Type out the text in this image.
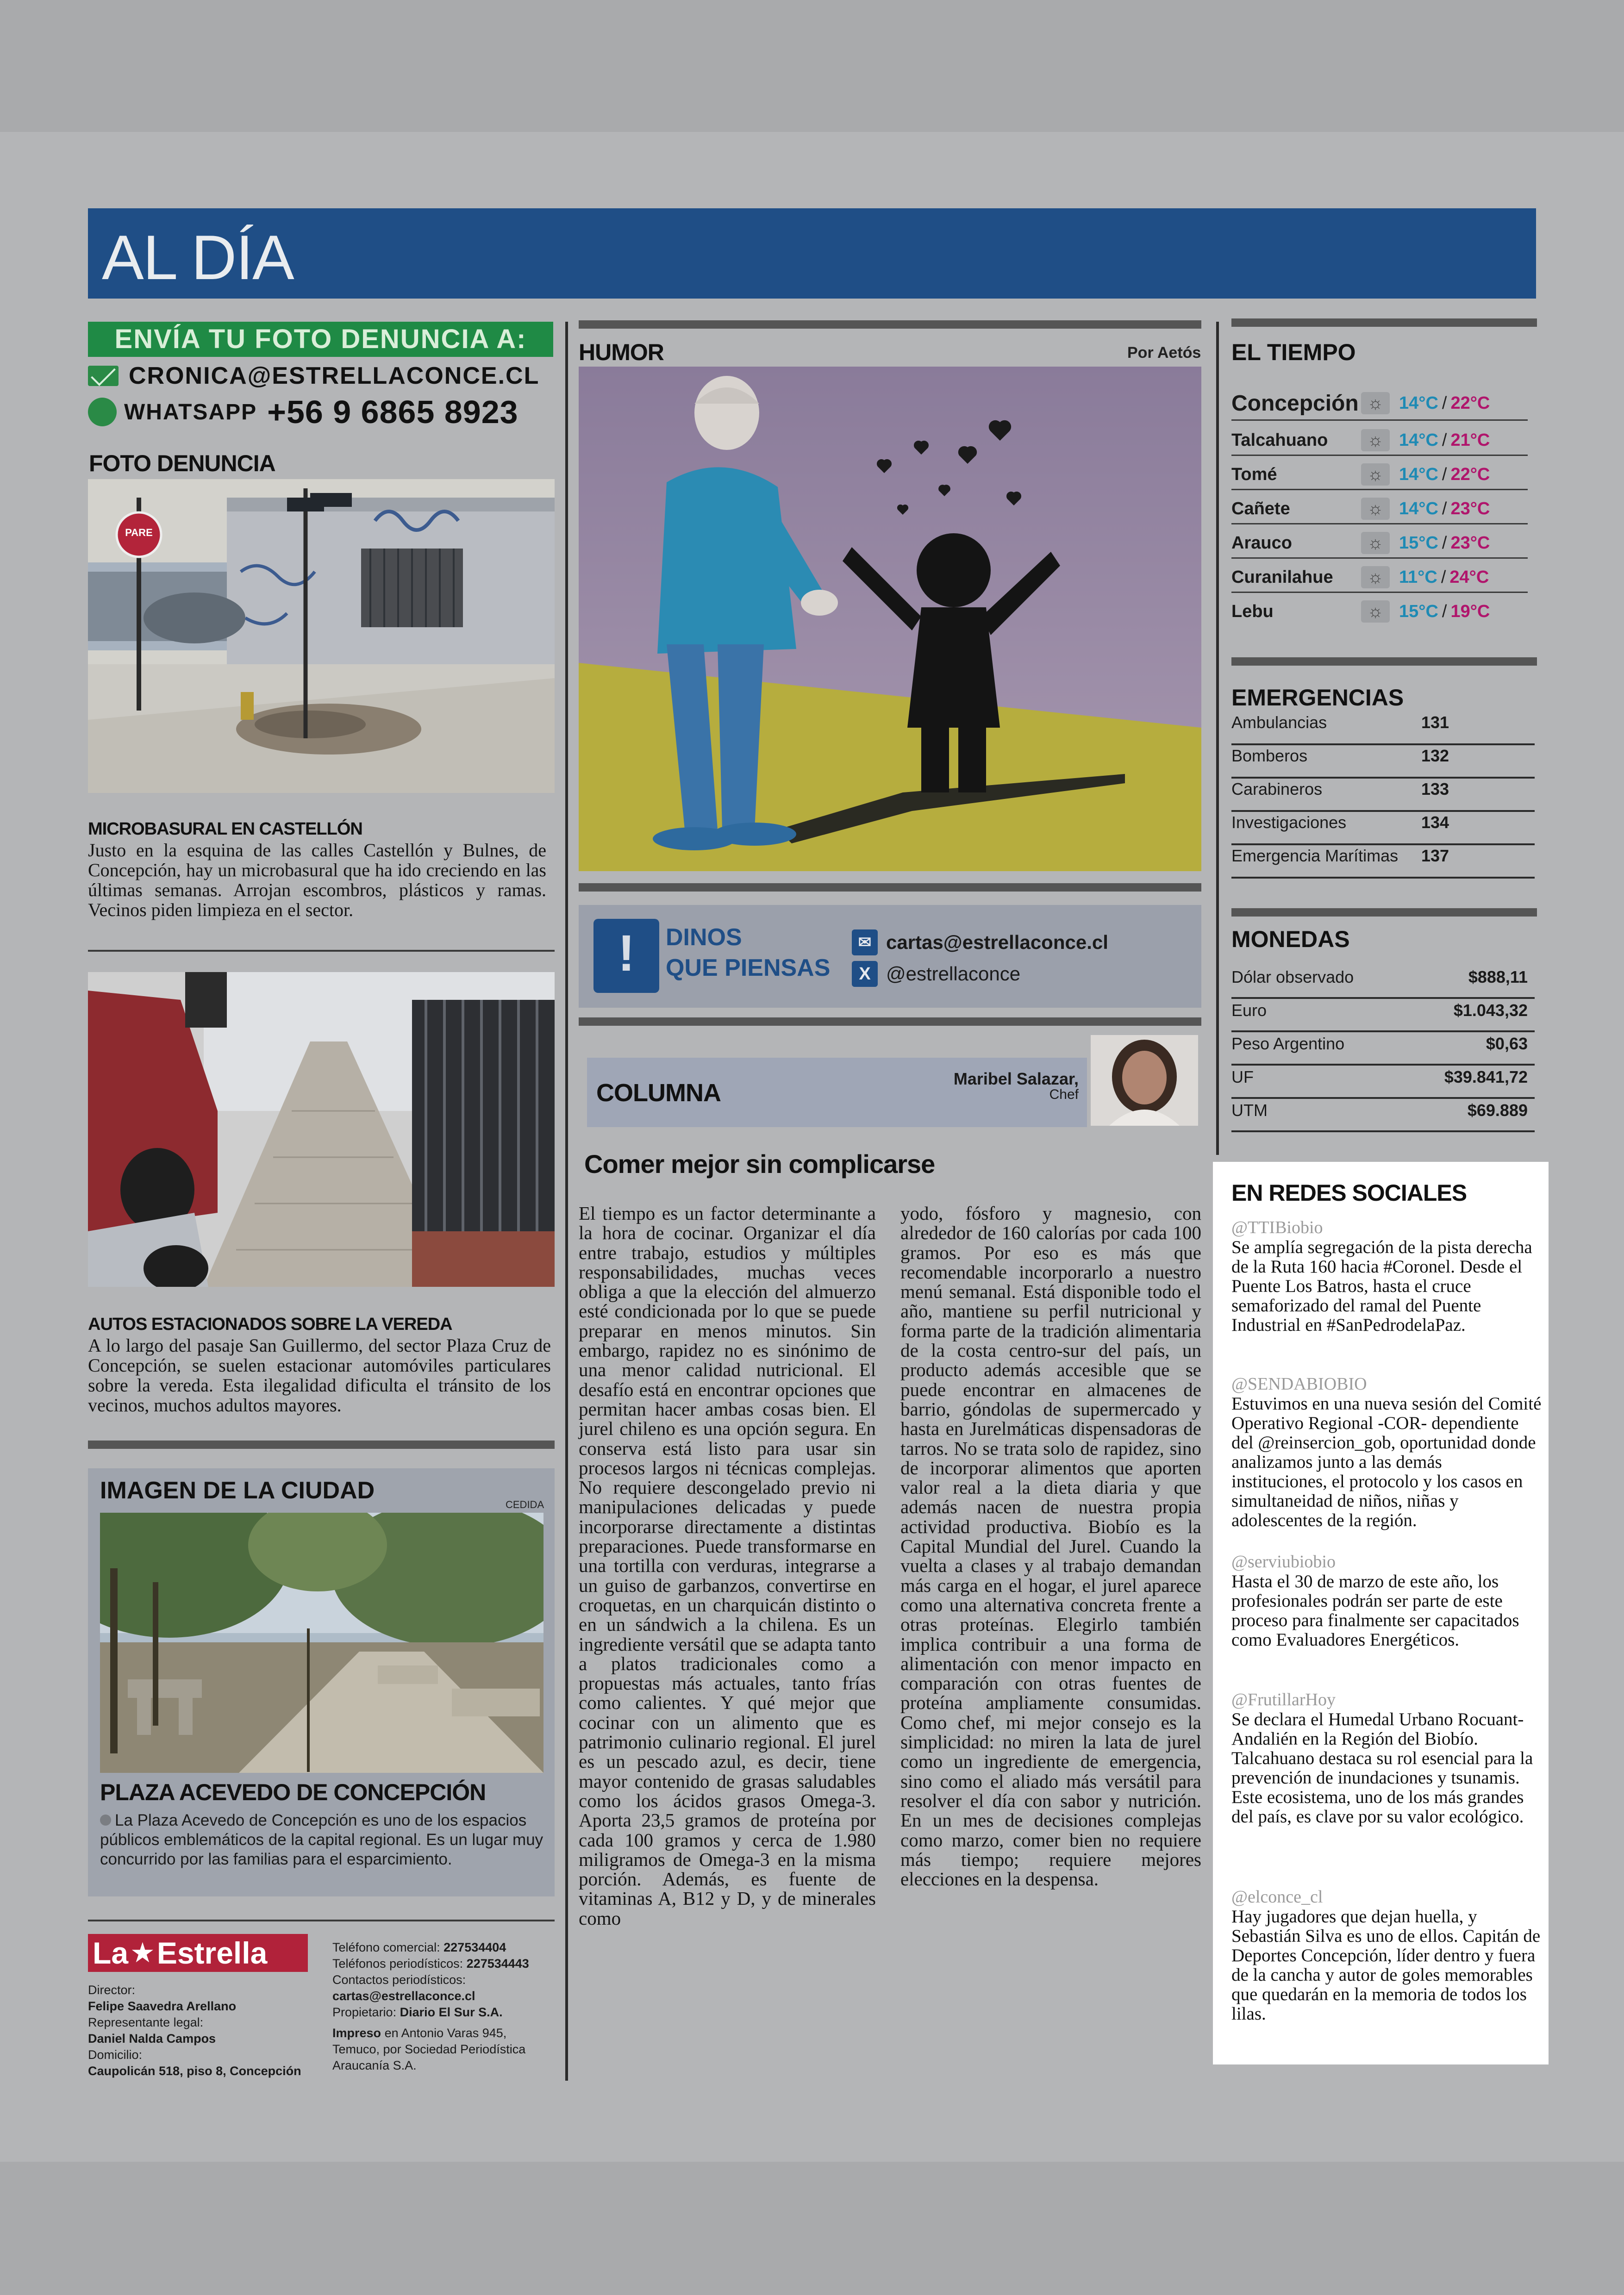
AL DÍA
ENVÍA TU FOTO DENUNCIA A:
CRONICA@ESTRELLACONCE.CL
WHATSAPP +56 9 6865 8923
FOTO DENUNCIA
PARE
MICROBASURAL EN CASTELLÓN
Justo en la esquina de las calles Castellón y Bulnes, de Concepción, hay un microbasural que ha ido creciendo en las últimas semanas. Arrojan escombros, plásticos y ramas. Vecinos piden limpieza en el sector.
AUTOS ESTACIONADOS SOBRE LA VEREDA
A lo largo del pasaje San Guillermo, del sector Plaza Cruz de Concepción, se suelen estacionar automóviles particulares sobre la vereda. Esta ilegalidad dificulta el tránsito de los vecinos, muchos adultos mayores.
IMAGEN DE LA CIUDAD
CEDIDA
PLAZA ACEVEDO DE CONCEPCIÓN
La Plaza Acevedo de Concepción es uno de los espacios públicos emblemáticos de la capital regional. Es un lugar muy concurrido por las familias para el esparcimiento.
La ★ Estrella
Director:
Felipe Saavedra Arellano
Representante legal:
Daniel Nalda Campos
Domicilio:
Caupolicán 518, piso 8, Concepción
Teléfono comercial: 227534404
Teléfonos periodísticos: 227534443
Contactos periodísticos:
cartas@estrellaconce.cl
Propietario: Diario El Sur S.A.
Impreso en Antonio Varas 945, Temuco, por Sociedad Periodística Araucanía S.A.
HUMOR	Por Aetós
!	DINOS
QUE PIENSAS
✉ cartas@estrellaconce.cl
X @estrellaconce
COLUMNA
Maribel Salazar,
Chef
Comer mejor sin complicarse
El tiempo es un factor determinante a la hora de cocinar. Organizar el día entre trabajo, estudios y múltiples responsabilidades, muchas veces obliga a que la elección del almuerzo esté condicionada por lo que se puede preparar en menos minutos. Sin embargo, rapidez no es sinónimo de una menor calidad nutricional. El desafío está en encontrar opciones que permitan hacer ambas cosas bien. El jurel chileno es una opción segura. En conserva está listo para usar sin procesos largos ni técnicas complejas. No requiere descongelado previo ni manipulaciones delicadas y puede incorporarse directamente a distintas preparaciones. Puede transformarse en una tortilla con verduras, integrarse a un guiso de garbanzos, convertirse en croquetas, en un charquicán distinto o en un sándwich a la chilena. Es un ingrediente versátil que se adapta tanto a platos tradicionales como a propuestas más actuales, tanto frías como calientes. Y qué mejor que cocinar con un alimento que es patrimonio culinario regional. El jurel es un pescado azul, es decir, tiene mayor contenido de grasas saludables como los ácidos grasos Omega-3. Aporta 23,5 gramos de proteína por cada 100 gramos y cerca de 1.980 miligramos de Omega-3 en la misma porción. Además, es fuente de vitaminas A, B12 y D, y de minerales como
yodo, fósforo y magnesio, con alrededor de 160 calorías por cada 100 gramos. Por eso es más que recomendable incorporarlo a nuestro menú semanal. Está disponible todo el año, mantiene su perfil nutricional y forma parte de la tradición alimentaria de la costa centro-sur del país, un producto además accesible que se puede encontrar en almacenes de barrio, góndolas de supermercado y hasta en Jurelmáticas dispensadoras de tarros. No se trata solo de rapidez, sino de incorporar alimentos que aporten valor real a la dieta diaria y que además nacen de nuestra propia actividad productiva. Biobío es la Capital Mundial del Jurel. Cuando la vuelta a clases y al trabajo demandan más carga en el hogar, el jurel aparece como una alternativa concreta frente a otras proteínas. Elegirlo también implica contribuir a una forma de alimentación con menor impacto en comparación con otras fuentes de proteína ampliamente consumidas. Como chef, mi mejor consejo es la simplicidad: no miren la lata de jurel como un ingrediente de emergencia, sino como el aliado más versátil para resolver el día con sabor y nutrición. En un mes de decisiones complejas como marzo, comer bien no requiere más tiempo; requiere mejores elecciones en la despensa.
EL TIEMPO
Concepción ☼ 14°C / 22°C
Talcahuano	☼ 14°C / 21°C
Tomé	☼ 14°C / 22°C
Cañete	☼ 14°C / 23°C
Arauco	☼ 15°C / 23°C
Curanilahue	☼ 11°C / 24°C
Lebu	☼ 15°C / 19°C
EMERGENCIAS
Ambulancias	131
Bomberos	132
Carabineros	133
Investigaciones	134
Emergencia Marítimas	137
MONEDAS
Dólar observado	$888,11
Euro	$1.043,32
Peso Argentino	$0,63
UF	$39.841,72
UTM	$69.889
EN REDES SOCIALES
@TTIBiobio
Se amplía segregación de la pista derecha de la Ruta 160 hacia #Coronel. Desde el Puente Los Batros, hasta el cruce semaforizado del ramal del Puente Industrial en #SanPedrodelaPaz.
@SENDABIOBIO
Estuvimos en una nueva sesión del Comité Operativo Regional -COR- dependiente del @reinsercion_gob, oportunidad donde analizamos junto a las demás instituciones, el protocolo y los casos en simultaneidad de niños, niñas y adolescentes de la región.
@serviubiobio
Hasta el 30 de marzo de este año, los profesionales podrán ser parte de este proceso para finalmente ser capacitados como Evaluadores Energéticos.
@FrutillarHoy
Se declara el Humedal Urbano Rocuant-Andalién en la Región del Biobío. Talcahuano destaca su rol esencial para la prevención de inundaciones y tsunamis. Este ecosistema, uno de los más grandes del país, es clave por su valor ecológico.
@elconce_cl
Hay jugadores que dejan huella, y Sebastián Silva es uno de ellos. Capitán de Deportes Concepción, líder dentro y fuera de la cancha y autor de goles memorables que quedarán en la memoria de todos los lilas.
